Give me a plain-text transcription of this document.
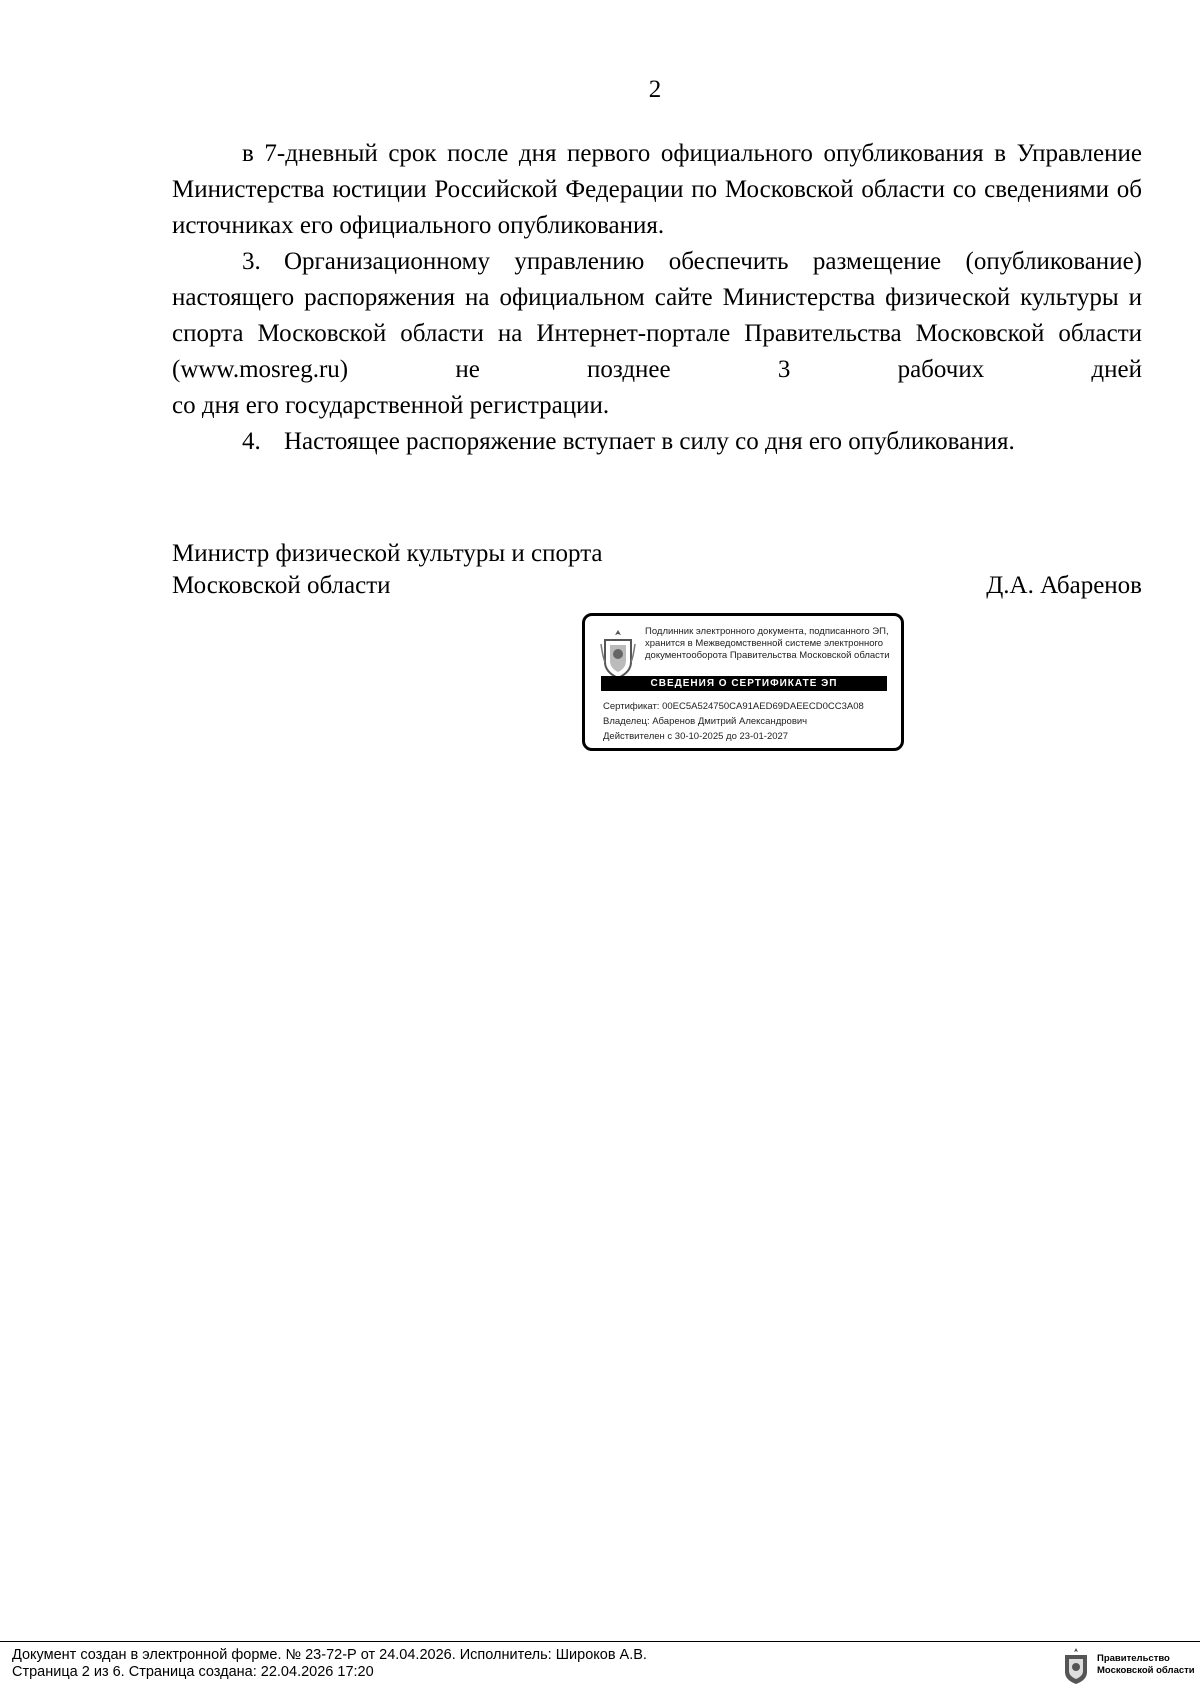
2

в 7-дневный срок после дня первого официального опубликования в Управление Министерства юстиции Российской Федерации по Московской области со сведениями об источниках его официального опубликования.

3. Организационному управлению обеспечить размещение (опубликование) настоящего распоряжения на официальном сайте Министерства физической культуры и спорта Московской области на Интернет-портале Правительства Московской области (www.mosreg.ru) не позднее 3 рабочих дней

со дня его государственной регистрации.

4. Настоящее распоряжение вступает в силу со дня его опубликования.

Министр физической культуры и спорта
Московской области	Д.А. Абаренов
Подлинник электронного документа, подписанного ЭП,
хранится в Межведомственной системе электронного
документооборота Правительства Московской области
СВЕДЕНИЯ О СЕРТИФИКАТЕ ЭП
Сертификат: 00EC5A524750CA91AED69DAEECD0CC3A08
Владелец: Абаренов Дмитрий Александрович
Действителен с 30-10-2025 до 23-01-2027
Документ создан в электронной форме. № 23-72-Р от 24.04.2026. Исполнитель: Широков А.В.
Страница 2 из 6. Страница создана: 22.04.2026 17:20
Правительство
Московской области
